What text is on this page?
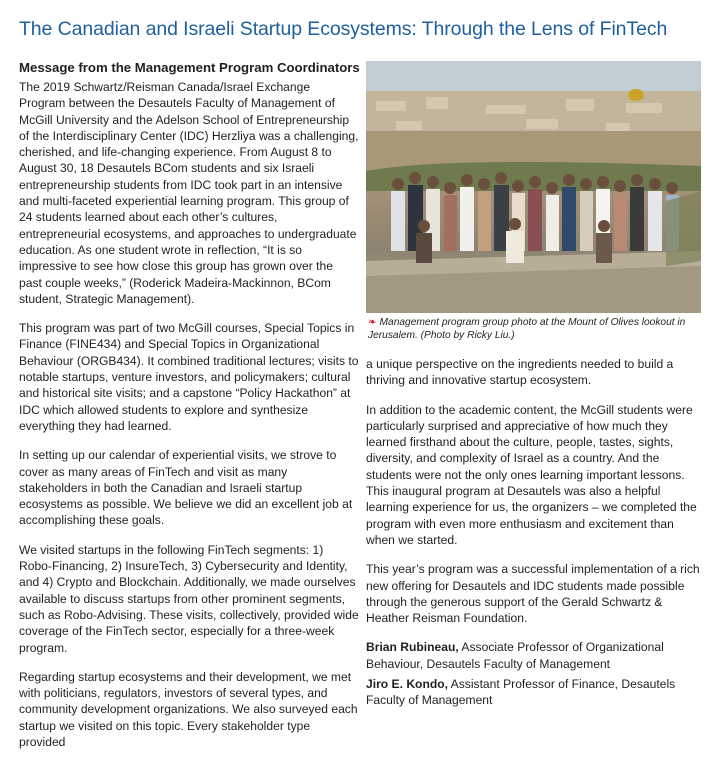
The Canadian and Israeli Startup Ecosystems: Through the Lens of FinTech
Message from the Management Program Coordinators

The 2019 Schwartz/Reisman Canada/Israel Exchange Program between the Desautels Faculty of Management of McGill University and the Adelson School of Entrepreneurship of the Interdisciplinary Center (IDC) Herzliya was a challenging, cherished, and life-changing experience. From August 8 to August 30, 18 Desautels BCom students and six Israeli entrepreneurship students from IDC took part in an intensive and multi-faceted experiential learning program. This group of 24 students learned about each other’s cultures, entrepreneurial ecosystems, and approaches to undergraduate education. As one student wrote in reflection, “It is so impressive to see how close this group has grown over the past couple weeks,” (Roderick Madeira-Mackinnon, BCom student, Strategic Management).

This program was part of two McGill courses, Special Topics in Finance (FINE434) and Special Topics in Organizational Behaviour (ORGB434). It combined traditional lectures; visits to notable startups, venture investors, and policymakers; cultural and historical site visits; and a capstone “Policy Hackathon” at IDC which allowed students to explore and synthesize everything they had learned.

In setting up our calendar of experiential visits, we strove to cover as many areas of FinTech and visit as many stakeholders in both the Canadian and Israeli startup ecosystems as possible. We believe we did an excellent job at accomplishing these goals.

We visited startups in the following FinTech segments: 1) Robo-Financing, 2) InsureTech, 3) Cybersecurity and Identity, and 4) Crypto and Blockchain. Additionally, we made ourselves available to discuss startups from other prominent segments, such as Robo-Advising. These visits, collectively, provided wide coverage of the FinTech sector, especially for a three-week program.

Regarding startup ecosystems and their development, we met with politicians, regulators, investors of several types, and community development organizations. We also surveyed each startup we visited on this topic. Every stakeholder type provided

❧ Management program group photo at the Mount of Olives lookout in Jerusalem. (Photo by Ricky Liu.)

a unique perspective on the ingredients needed to build a thriving and innovative startup ecosystem.

In addition to the academic content, the McGill students were particularly surprised and appreciative of how much they learned firsthand about the culture, people, tastes, sights, diversity, and complexity of Israel as a country. And the students were not the only ones learning important lessons. This inaugural program at Desautels was also a helpful learning experience for us, the organizers – we completed the program with even more enthusiasm and excitement than when we started.

This year’s program was a successful implementation of a rich new offering for Desautels and IDC students made possible through the generous support of the Gerald Schwartz & Heather Reisman Foundation.

Brian Rubineau, Associate Professor of Organizational Behaviour, Desautels Faculty of Management

Jiro E. Kondo, Assistant Professor of Finance, Desautels Faculty of Management
